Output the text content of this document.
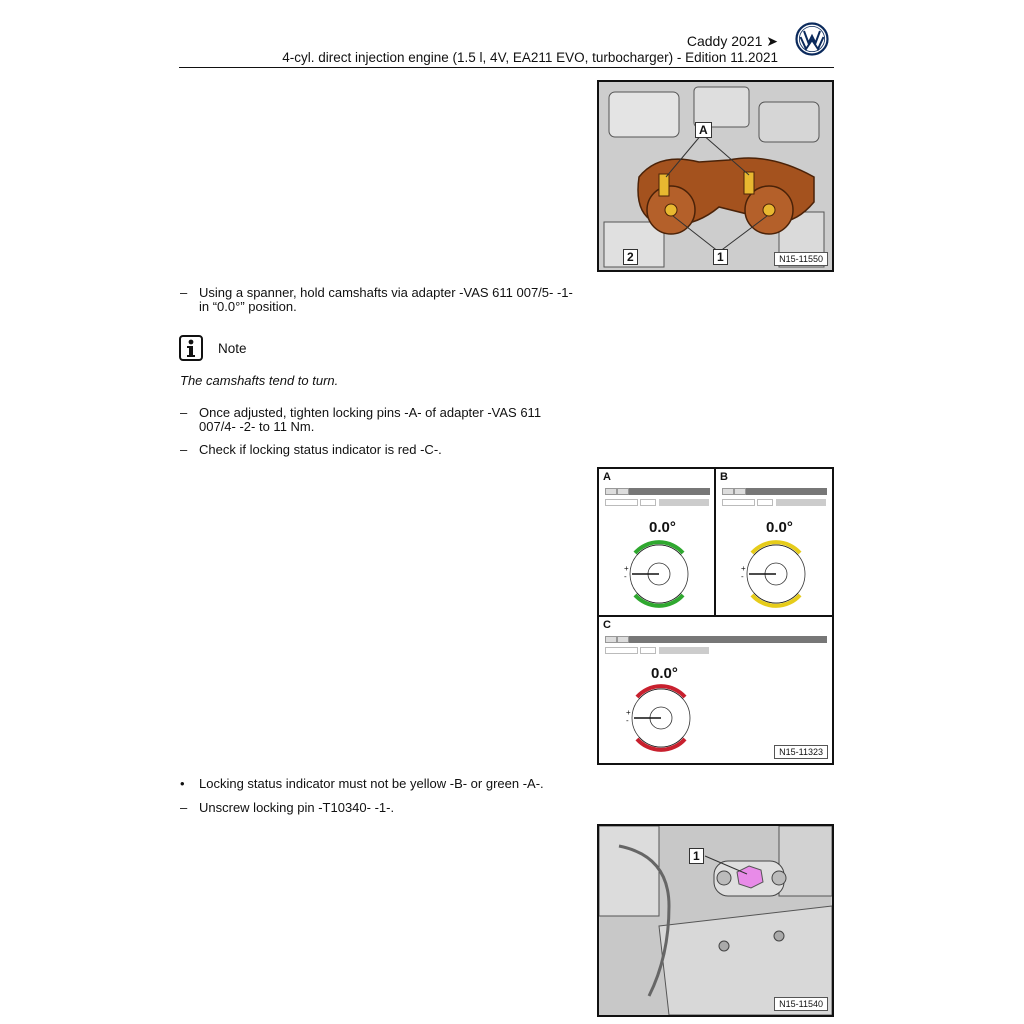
Caddy 2021 ➤
4-cyl. direct injection engine (1.5 l, 4V, EA211 EVO, turbocharger) - Edition 11.2021
A
1
2	N15-11550
– Using a spanner, hold camshafts via adapter -VAS 611 007/5- -1- in “0.0°” position.
Note
The camshafts tend to turn.
– Once adjusted, tighten locking pins -A- of adapter -VAS 611 007/4- -2- to 11 Nm.
– Check if locking status indicator is red -C-.
A
0.0°
+
-
B
0.0°
+
-
C
0.0°
+
-
N15-11323
• Locking status indicator must not be yellow -B- or green -A-.
– Unscrew locking pin -T10340- -1-.
1
N15-11540
